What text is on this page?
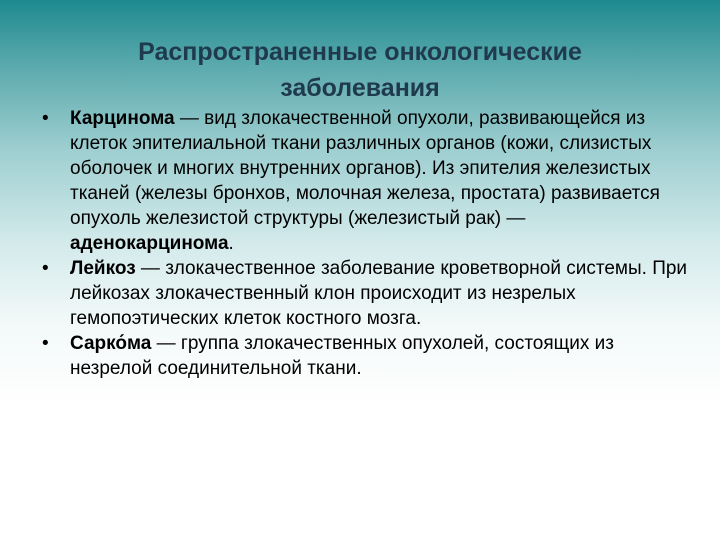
Распространенные онкологические заболевания
•	Карцинома — вид злокачественной опухоли, развивающейся из клеток эпителиальной ткани различных органов (кожи, слизистых оболочек и многих внутренних органов). Из эпителия железистых тканей (железы бронхов, молочная железа, простата) развивается опухоль железистой структуры (железистый рак) — аденокарцинома.
•	Лейкоз — злокачественное заболевание кроветворной системы. При лейкозах злокачественный клон происходит из незрелых гемопоэтических клеток костного мозга.
•	Сарко́ма — группа злокачественных опухолей, состоящих из незрелой соединительной ткани.
